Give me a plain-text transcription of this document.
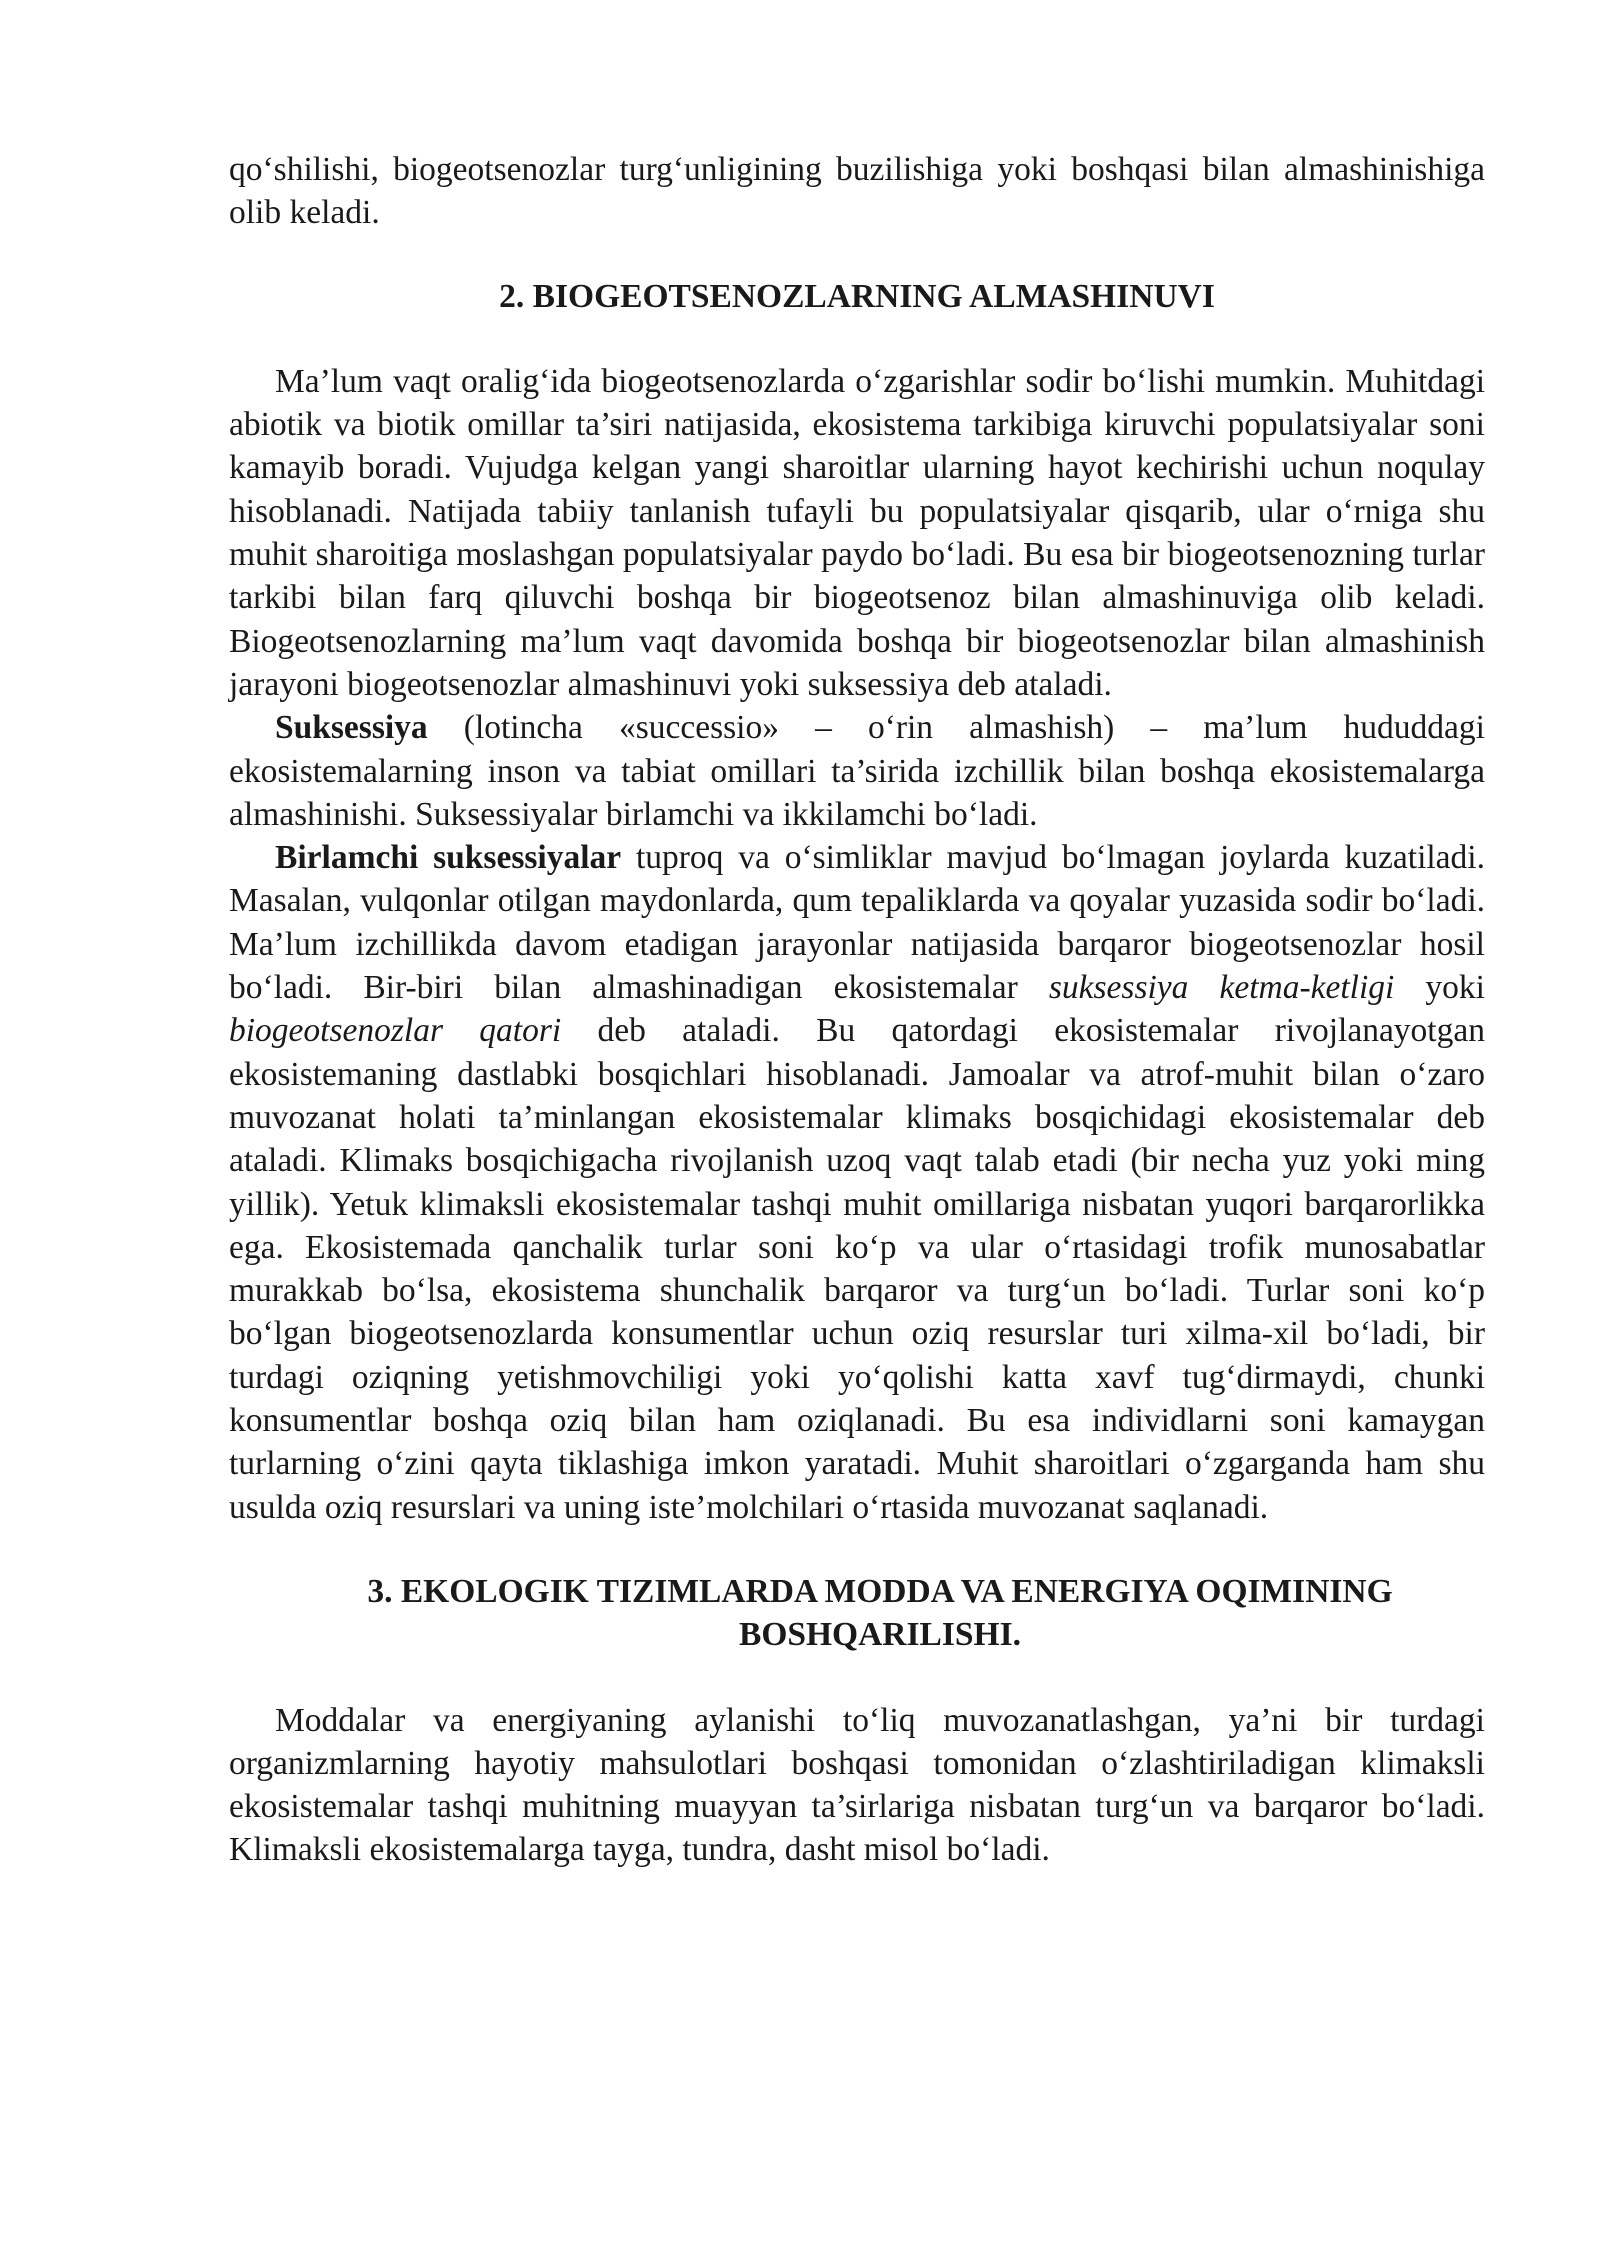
qo‘shilishi, biogeotsenozlar turg‘unligining buzilishiga yoki boshqasi bilan almashinishiga olib keladi.

2. BIOGEOTSENOZLARNING ALMASHINUVI

Ma’lum vaqt oralig‘ida biogeotsenozlarda o‘zgarishlar sodir bo‘lishi mumkin. Muhitdagi abiotik va biotik omillar ta’siri natijasida, ekosistema tarkibiga kiruvchi populatsiyalar soni kamayib boradi. Vujudga kelgan yangi sharoitlar ularning hayot kechirishi uchun noqulay hisoblanadi. Natijada tabiiy tanlanish tufayli bu populatsiyalar qisqarib, ular o‘rniga shu muhit sharoitiga moslashgan populatsiyalar paydo bo‘ladi. Bu esa bir biogeotsenozning turlar tarkibi bilan farq qiluvchi boshqa bir biogeotsenoz bilan almashinuviga olib keladi. Biogeotsenozlarning ma’lum vaqt davomida boshqa bir biogeotsenozlar bilan almashinish jarayoni biogeotsenozlar almashinuvi yoki suksessiya deb ataladi.

Suksessiya (lotincha «successio» – o‘rin almashish) – ma’lum hududdagi ekosistemalarning inson va tabiat omillari ta’sirida izchillik bilan boshqa ekosistemalarga almashinishi. Suksessiyalar birlamchi va ikkilamchi bo‘ladi.

Birlamchi suksessiyalar tuproq va o‘simliklar mavjud bo‘lmagan joylarda kuzatiladi. Masalan, vulqonlar otilgan maydonlarda, qum tepaliklarda va qoyalar yuzasida sodir bo‘ladi. Ma’lum izchillikda davom etadigan jarayonlar natijasida barqaror biogeotsenozlar hosil bo‘ladi. Bir-biri bilan almashinadigan ekosistemalar suksessiya ketma-ketligi yoki biogeotsenozlar qatori deb ataladi. Bu qatordagi ekosistemalar rivojlanayotgan ekosistemaning dastlabki bosqichlari hisoblanadi. Jamoalar va atrof-muhit bilan o‘zaro muvozanat holati ta’minlangan ekosistemalar klimaks bosqichidagi ekosistemalar deb ataladi. Klimaks bosqichigacha rivojlanish uzoq vaqt talab etadi (bir necha yuz yoki ming yillik). Yetuk klimaksli ekosistemalar tashqi muhit omillariga nisbatan yuqori barqarorlikka ega. Ekosistemada qanchalik turlar soni ko‘p va ular o‘rtasidagi trofik munosabatlar murakkab bo‘lsa, ekosistema shunchalik barqaror va turg‘un bo‘ladi. Turlar soni ko‘p bo‘lgan biogeotsenozlarda konsumentlar uchun oziq resurslar turi xilma-xil bo‘ladi, bir turdagi oziqning yetishmovchiligi yoki yo‘qolishi katta xavf tug‘dirmaydi, chunki konsumentlar boshqa oziq bilan ham oziqlanadi. Bu esa individlarni soni kamaygan turlarning o‘zini qayta tiklashiga imkon yaratadi. Muhit sharoitlari o‘zgarganda ham shu usulda oziq resurslari va uning iste’molchilari o‘rtasida muvozanat saqlanadi.

3. EKOLOGIK TIZIMLARDA MODDA VA ENERGIYA OQIMINING
BOSHQARILISHI.

Moddalar va energiyaning aylanishi to‘liq muvozanatlashgan, ya’ni bir turdagi organizmlarning hayotiy mahsulotlari boshqasi tomonidan o‘zlashtiriladigan klimaksli ekosistemalar tashqi muhitning muayyan ta’sirlariga nisbatan turg‘un va barqaror bo‘ladi. Klimaksli ekosistemalarga tayga, tundra, dasht misol bo‘ladi.
